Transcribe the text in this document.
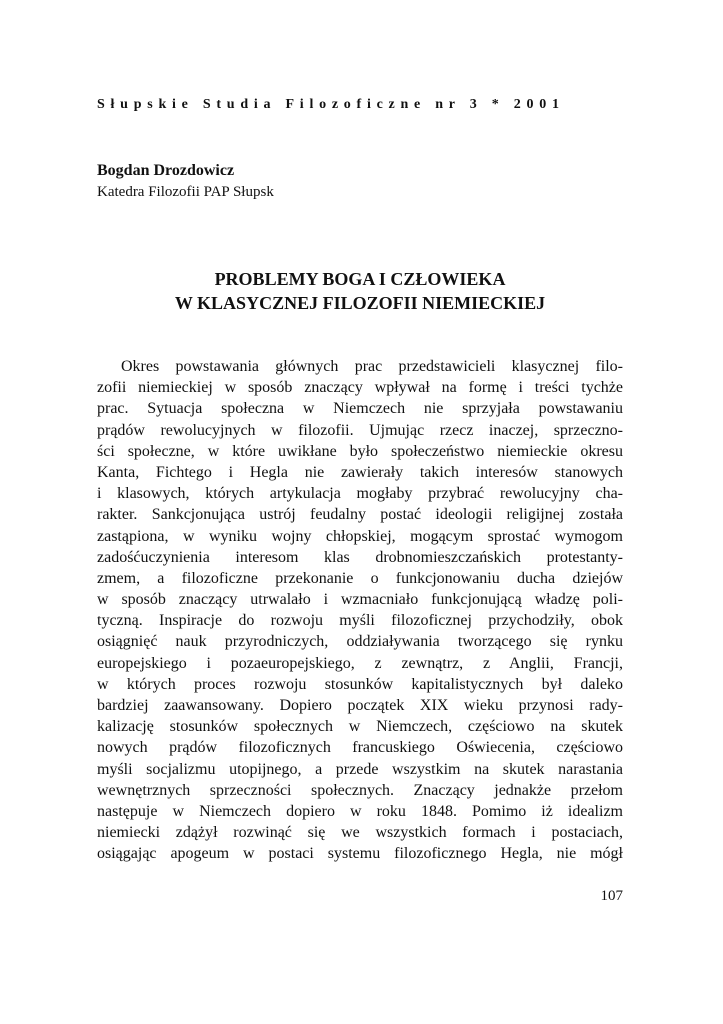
Słupskie Studia Filozoficzne nr 3 * 2001
Bogdan Drozdowicz
Katedra Filozofii PAP Słupsk
PROBLEMY BOGA I CZŁOWIEKA
W KLASYCZNEJ FILOZOFII NIEMIECKIEJ
Okres powstawania głównych prac przedstawicieli klasycznej filo-
zofii niemieckiej w sposób znaczący wpływał na formę i treści tychże
prac. Sytuacja społeczna w Niemczech nie sprzyjała powstawaniu
prądów rewolucyjnych w filozofii. Ujmując rzecz inaczej, sprzeczno-
ści społeczne, w które uwikłane było społeczeństwo niemieckie okresu
Kanta, Fichtego i Hegla nie zawierały takich interesów stanowych
i klasowych, których artykulacja mogłaby przybrać rewolucyjny cha-
rakter. Sankcjonująca ustrój feudalny postać ideologii religijnej została
zastąpiona, w wyniku wojny chłopskiej, mogącym sprostać wymogom
zadośćuczynienia interesom klas drobnomieszczańskich protestanty-
zmem, a filozoficzne przekonanie o funkcjonowaniu ducha dziejów
w sposób znaczący utrwalało i wzmacniało funkcjonującą władzę poli-
tyczną. Inspiracje do rozwoju myśli filozoficznej przychodziły, obok
osiągnięć nauk przyrodniczych, oddziaływania tworzącego się rynku
europejskiego i pozaeuropejskiego, z zewnątrz, z Anglii, Francji,
w których proces rozwoju stosunków kapitalistycznych był daleko
bardziej zaawansowany. Dopiero początek XIX wieku przynosi rady-
kalizację stosunków społecznych w Niemczech, częściowo na skutek
nowych prądów filozoficznych francuskiego Oświecenia, częściowo
myśli socjalizmu utopijnego, a przede wszystkim na skutek narastania
wewnętrznych sprzeczności społecznych. Znaczący jednakże przełom
następuje w Niemczech dopiero w roku 1848. Pomimo iż idealizm
niemiecki zdążył rozwinąć się we wszystkich formach i postaciach,
osiągając apogeum w postaci systemu filozoficznego Hegla, nie mógł
107
